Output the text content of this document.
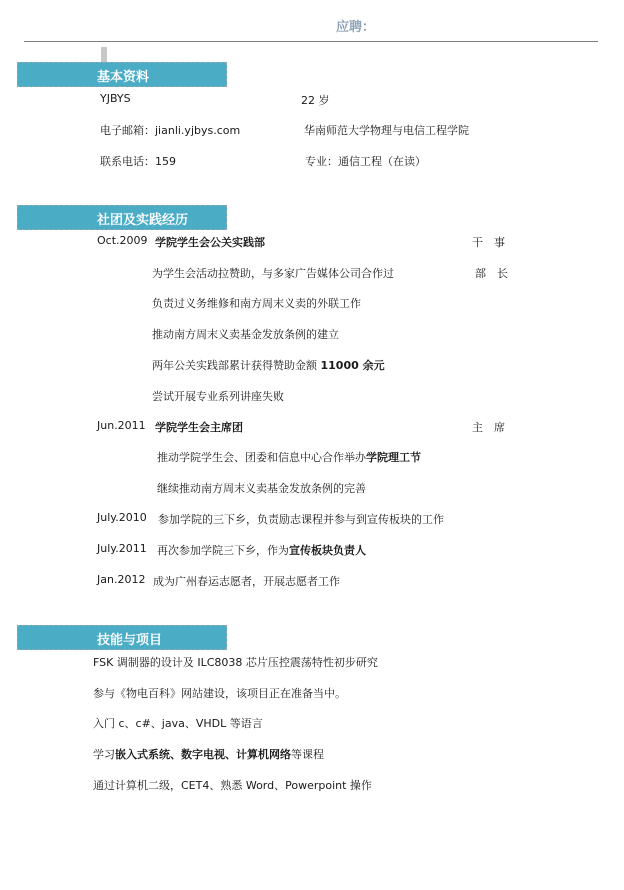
应聘：
基本资料
YJBYS	22 岁
电子邮箱：jianli.yjbys.com	华南师范大学物理与电信工程学院
联系电话：159	专业：通信工程（在读）
社团及实践经历
Oct.2009 学院学生会公关实践部	干　事
为学生会活动拉赞助，与多家广告媒体公司合作过	部　长
负责过义务维修和南方周末义卖的外联工作
推动南方周末义卖基金发放条例的建立
两年公关实践部累计获得赞助金额 11000 余元
尝试开展专业系列讲座失败
Jun.2011 学院学生会主席团	主　席
推动学院学生会、团委和信息中心合作举办学院理工节
继续推动南方周末义卖基金发放条例的完善
July.2010 参加学院的三下乡，负责励志课程并参与到宣传板块的工作
July.2011 再次参加学院三下乡，作为宣传板块负责人
Jan.2012 成为广州春运志愿者，开展志愿者工作
技能与项目
FSK 调制器的设计及 ILC8038 芯片压控震荡特性初步研究
参与《物电百科》网站建设，该项目正在准备当中。
入门 c、c#、java、VHDL 等语言
学习嵌入式系统、数字电视、计算机网络等课程
通过计算机二级，CET4、熟悉 Word、Powerpoint 操作
